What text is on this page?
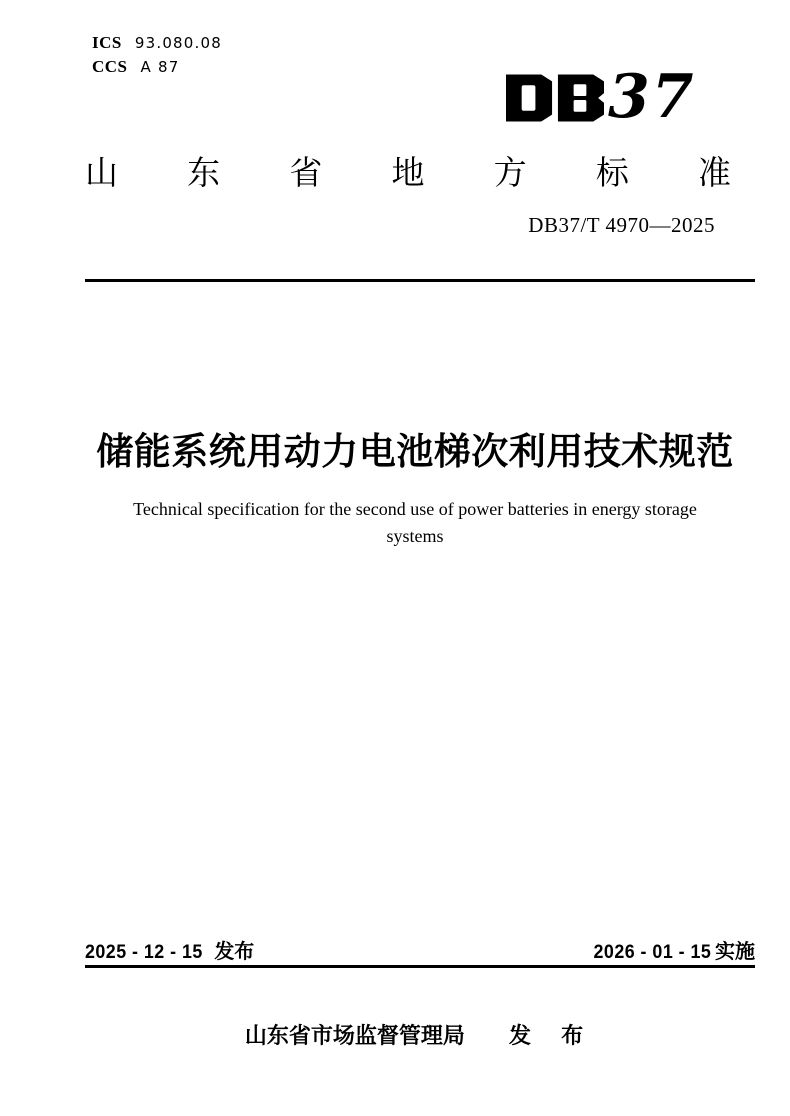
ICS 93.080.08
CCS A 87	37
山东省地方标准
DB37/T 4970—2025
储能系统用动力电池梯次利用技术规范
Technical specification for the second use of power batteries in energy storage
systems
2025 - 12 - 15 发布	2026 - 01 - 15 实施
山东省市场监督管理局 发 布
